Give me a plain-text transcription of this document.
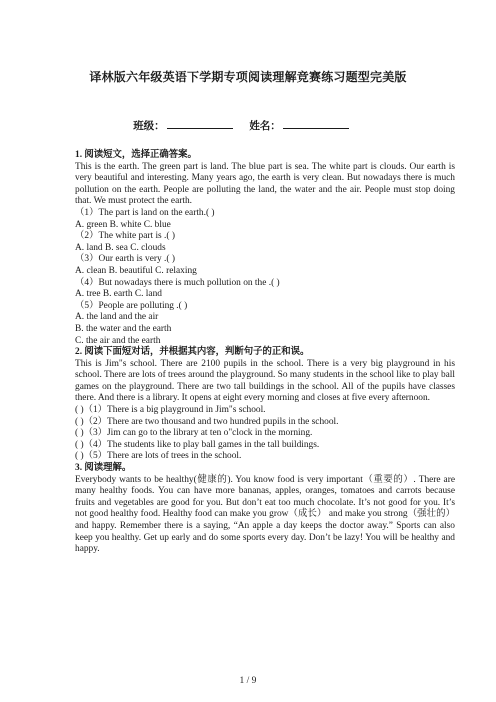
译林版六年级英语下学期专项阅读理解竞赛练习题型完美版
班级：	姓名：

1. 阅读短文，选择正确答案。

This is the earth. The green part is land. The blue part is sea. The white part is clouds. Our earth is very beautiful and interesting. Many years ago, the earth is very clean. But nowadays there is much pollution on the earth. People are polluting the land, the water and the air. People must stop doing that. We must protect the earth.

（1）The part is land on the earth.( )

A. green B. white C. blue

（2）The white part is .( )

A. land B. sea C. clouds

（3）Our earth is very .( )

A. clean B. beautiful C. relaxing

（4）But nowadays there is much pollution on the .( )

A. tree B. earth C. land

（5）People are polluting .( )

A. the land and the air

B. the water and the earth

C. the air and the earth

2. 阅读下面短对话，并根据其内容，判断句子的正和误。

This is Jim"s school. There are 2100 pupils in the school. There is a very big playground in his school. There are lots of trees around the playground. So many students in the school like to play ball games on the playground. There are two tall buildings in the school. All of the pupils have classes there. And there is a library. It opens at eight every morning and closes at five every afternoon.

( )（1）There is a big playground in Jim"s school.

( )（2）There are two thousand and two hundred pupils in the school.

( )（3）Jim can go to the library at ten o"clock in the morning.

( )（4）The students like to play ball games in the tall buildings.

( )（5）There are lots of trees in the school.

3. 阅读理解。

Everybody wants to be healthy(健康的). You know food is very important（重要的）. There are many healthy foods. You can have more bananas, apples, oranges, tomatoes and carrots because fruits and vegetables are good for you. But don’t eat too much chocolate. It’s not good for you. It’s not good healthy food. Healthy food can make you grow（成长） and make you strong（强壮的） and happy. Remember there is a saying, “An apple a day keeps the doctor away.” Sports can also keep you healthy. Get up early and do some sports every day. Don’t be lazy! You will be healthy and happy.

1 / 9
